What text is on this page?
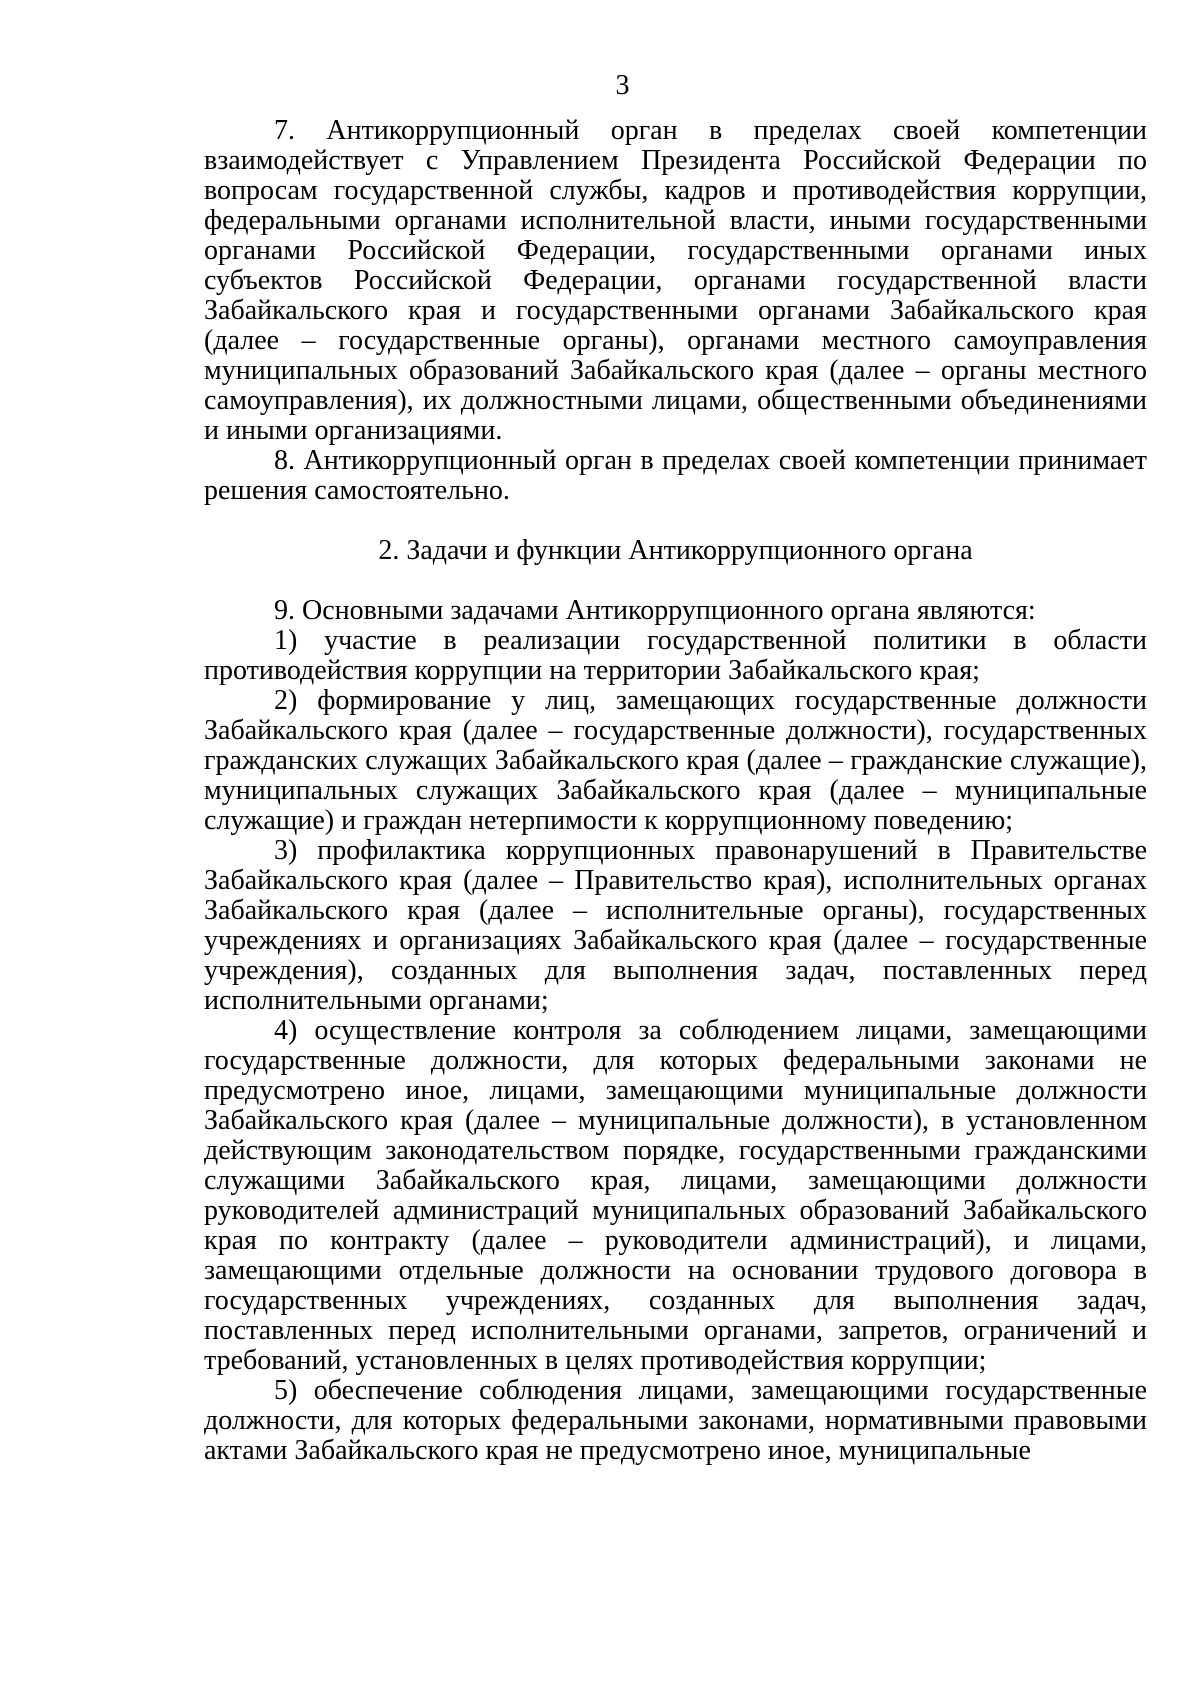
3

7. Антикоррупционный орган в пределах своей компетенции взаимодействует с Управлением Президента Российской Федерации по вопросам государственной службы, кадров и противодействия коррупции, федеральными органами исполнительной власти, иными государственными органами Российской Федерации, государственными органами иных субъектов Российской Федерации, органами государственной власти Забайкальского края и государственными органами Забайкальского края (далее – государственные органы), органами местного самоуправления муниципальных образований Забайкальского края (далее – органы местного самоуправления), их должностными лицами, общественными объединениями и иными организациями.

8. Антикоррупционный орган в пределах своей компетенции принимает решения самостоятельно.

2. Задачи и функции Антикоррупционного органа

9. Основными задачами Антикоррупционного органа являются:

1) участие в реализации государственной политики в области противодействия коррупции на территории Забайкальского края;

2) формирование у лиц, замещающих государственные должности Забайкальского края (далее – государственные должности), государственных гражданских служащих Забайкальского края (далее – гражданские служащие), муниципальных служащих Забайкальского края (далее – муниципальные служащие) и граждан нетерпимости к коррупционному поведению;

3) профилактика коррупционных правонарушений в Правительстве Забайкальского края (далее – Правительство края), исполнительных органах Забайкальского края (далее – исполнительные органы), государственных учреждениях и организациях Забайкальского края (далее – государственные учреждения), созданных для выполнения задач, поставленных перед исполнительными органами;

4) осуществление контроля за соблюдением лицами, замещающими государственные должности, для которых федеральными законами не предусмотрено иное, лицами, замещающими муниципальные должности Забайкальского края (далее – муниципальные должности), в установленном действующим законодательством порядке, государственными гражданскими служащими Забайкальского края, лицами, замещающими должности руководителей администраций муниципальных образований Забайкальского края по контракту (далее – руководители администраций), и лицами, замещающими отдельные должности на основании трудового договора в государственных учреждениях, созданных для выполнения задач, поставленных перед исполнительными органами, запретов, ограничений и требований, установленных в целях противодействия коррупции;

5) обеспечение соблюдения лицами, замещающими государственные должности, для которых федеральными законами, нормативными правовыми актами Забайкальского края не предусмотрено иное, муниципальные
